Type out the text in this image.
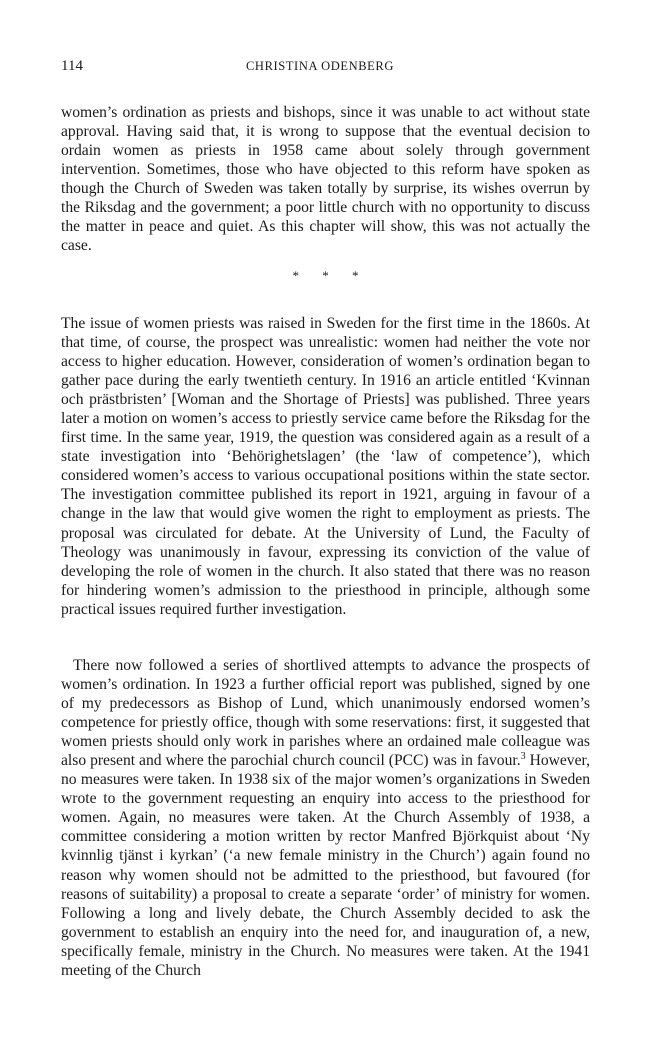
114	CHRISTINA ODENBERG

women’s ordination as priests and bishops, since it was unable to act without state approval. Having said that, it is wrong to suppose that the eventual decision to ordain women as priests in 1958 came about solely through government intervention. Sometimes, those who have objected to this reform have spoken as though the Church of Sweden was taken totally by surprise, its wishes overrun by the Riksdag and the government; a poor little church with no opportunity to discuss the matter in peace and quiet. As this chapter will show, this was not actually the case.

* * *

The issue of women priests was raised in Sweden for the first time in the 1860s. At that time, of course, the prospect was unrealistic: women had neither the vote nor access to higher education. However, consideration of women’s ordination began to gather pace during the early twentieth century. In 1916 an article entitled ‘Kvinnan och prästbristen’ [Woman and the Shortage of Priests] was published. Three years later a motion on women’s access to priestly service came before the Riksdag for the first time. In the same year, 1919, the question was considered again as a result of a state investigation into ‘Behörighetslagen’ (the ‘law of competence’), which considered women’s access to various occupational positions within the state sector. The investigation committee published its report in 1921, arguing in favour of a change in the law that would give women the right to employment as priests. The proposal was circulated for debate. At the University of Lund, the Faculty of Theology was unanimously in favour, expressing its conviction of the value of developing the role of women in the church. It also stated that there was no reason for hindering women’s admission to the priesthood in principle, although some practical issues required further investigation.

There now followed a series of shortlived attempts to advance the prospects of women’s ordination. In 1923 a further official report was published, signed by one of my predecessors as Bishop of Lund, which unanimously endorsed women’s competence for priestly office, though with some reservations: first, it suggested that women priests should only work in parishes where an ordained male colleague was also present and where the parochial church council (PCC) was in favour.$^3$ However, no measures were taken. In 1938 six of the major women’s organizations in Sweden wrote to the government requesting an enquiry into access to the priesthood for women. Again, no measures were taken. At the Church Assembly of 1938, a committee considering a motion written by rector Manfred Björkquist about ‘Ny kvinnlig tjänst i kyrkan’ (‘a new female ministry in the Church’) again found no reason why women should not be admitted to the priesthood, but favoured (for reasons of suitability) a proposal to create a separate ‘order’ of ministry for women. Following a long and lively debate, the Church Assembly decided to ask the government to establish an enquiry into the need for, and inauguration of, a new, specifically female, ministry in the Church. No measures were taken. At the 1941 meeting of the Church
